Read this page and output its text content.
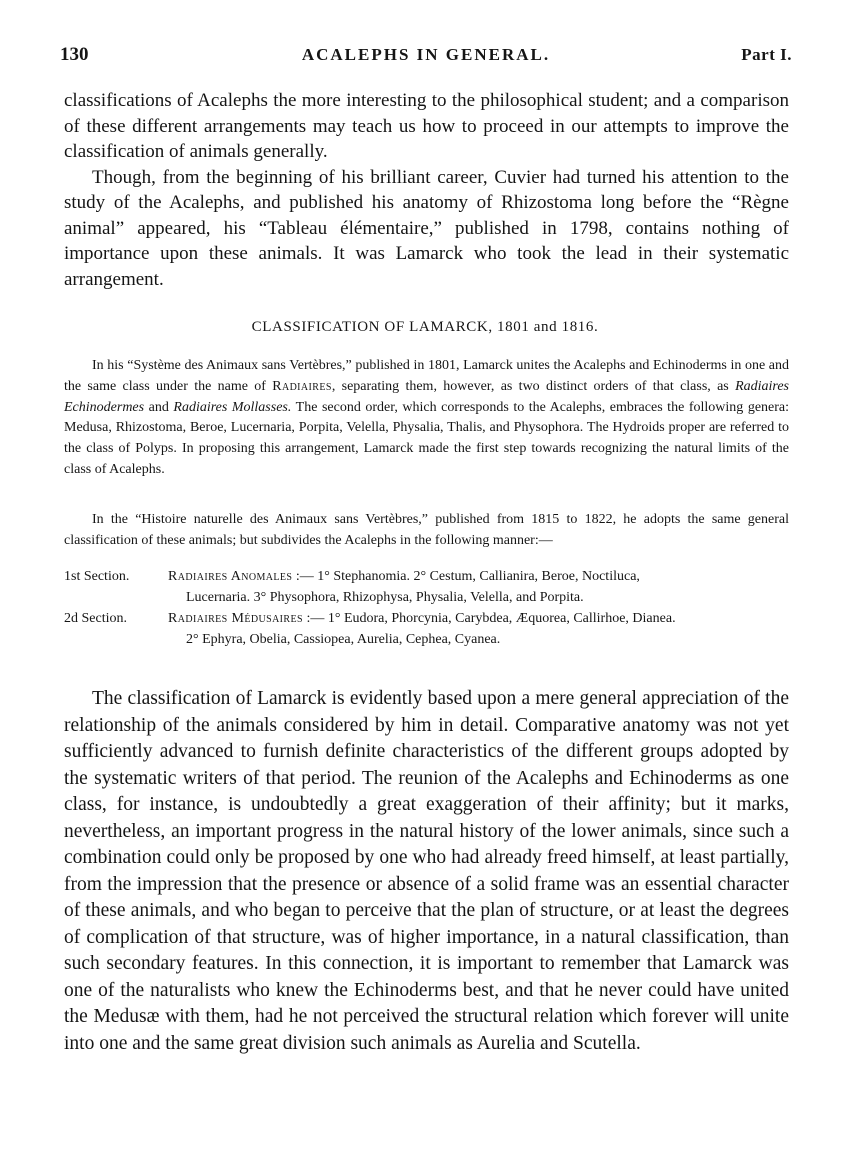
130	ACALEPHS IN GENERAL.	Part I.

classifications of Acalephs the more interesting to the philosophical student; and a comparison of these different arrangements may teach us how to proceed in our attempts to improve the classification of animals generally.

Though, from the beginning of his brilliant career, Cuvier had turned his attention to the study of the Acalephs, and published his anatomy of Rhizostoma long before the “Règne animal” appeared, his “Tableau élémentaire,” published in 1798, contains nothing of importance upon these animals. It was Lamarck who took the lead in their systematic arrangement.

CLASSIFICATION OF LAMARCK, 1801 and 1816.

In his “Système des Animaux sans Vertèbres,” published in 1801, Lamarck unites the Acalephs and Echinoderms in one and the same class under the name of Radiaires, separating them, however, as two distinct orders of that class, as Radiaires Echinodermes and Radiaires Mollasses. The second order, which corresponds to the Acalephs, embraces the following genera: Medusa, Rhizostoma, Beroe, Lucernaria, Porpita, Velella, Physalia, Thalis, and Physophora. The Hydroids proper are referred to the class of Polyps. In proposing this arrangement, Lamarck made the first step towards recognizing the natural limits of the class of Acalephs.

In the “Histoire naturelle des Animaux sans Vertèbres,” published from 1815 to 1822, he adopts the same general classification of these animals; but subdivides the Acalephs in the following manner:—

1st Section.	Radiaires Anomales :— 1° Stephanomia. 2° Cestum, Callianira, Beroe, Noctiluca,
Lucernaria. 3° Physophora, Rhizophysa, Physalia, Velella, and Porpita.
2d Section.	Radiaires Médusaires :— 1° Eudora, Phorcynia, Carybdea, Æquorea, Callirhoe, Dianea.
2° Ephyra, Obelia, Cassiopea, Aurelia, Cephea, Cyanea.

The classification of Lamarck is evidently based upon a mere general appreciation of the relationship of the animals considered by him in detail. Comparative anatomy was not yet sufficiently advanced to furnish definite characteristics of the different groups adopted by the systematic writers of that period. The reunion of the Acalephs and Echinoderms as one class, for instance, is undoubtedly a great exaggeration of their affinity; but it marks, nevertheless, an important progress in the natural history of the lower animals, since such a combination could only be proposed by one who had already freed himself, at least partially, from the impression that the presence or absence of a solid frame was an essential character of these animals, and who began to perceive that the plan of structure, or at least the degrees of complication of that structure, was of higher importance, in a natural classification, than such secondary features. In this connection, it is important to remember that Lamarck was one of the naturalists who knew the Echinoderms best, and that he never could have united the Medusæ with them, had he not perceived the structural relation which forever will unite into one and the same great division such animals as Aurelia and Scutella.
